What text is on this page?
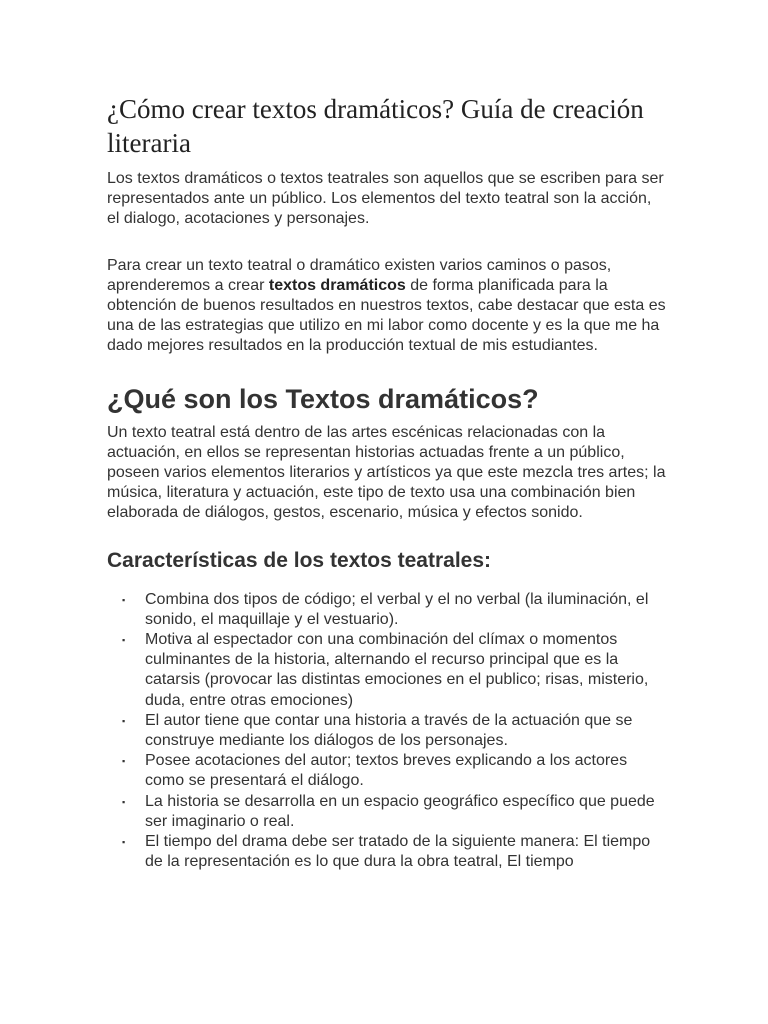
¿Cómo crear textos dramáticos? Guía de creación literaria

Los textos dramáticos o textos teatrales son aquellos que se escriben para ser representados ante un público. Los elementos del texto teatral son la acción, el dialogo, acotaciones y personajes.

Para crear un texto teatral o dramático existen varios caminos o pasos, aprenderemos a crear textos dramáticos de forma planificada para la obtención de buenos resultados en nuestros textos, cabe destacar que esta es una de las estrategias que utilizo en mi labor como docente y es la que me ha dado mejores resultados en la producción textual de mis estudiantes.

¿Qué son los Textos dramáticos?

Un texto teatral está dentro de las artes escénicas relacionadas con la actuación, en ellos se representan historias actuadas frente a un público, poseen varios elementos literarios y artísticos ya que este mezcla tres artes; la música, literatura y actuación, este tipo de texto usa una combinación bien elaborada de diálogos, gestos, escenario, música y efectos sonido.

Características de los textos teatrales:
▪ Combina dos tipos de código; el verbal y el no verbal (la iluminación, el sonido, el maquillaje y el vestuario).
▪ Motiva al espectador con una combinación del clímax o momentos culminantes de la historia, alternando el recurso principal que es la catarsis (provocar las distintas emociones en el publico; risas, misterio, duda, entre otras emociones)
▪ El autor tiene que contar una historia a través de la actuación que se construye mediante los diálogos de los personajes.
▪ Posee acotaciones del autor; textos breves explicando a los actores como se presentará el diálogo.
▪ La historia se desarrolla en un espacio geográfico específico que puede ser imaginario o real.
▪ El tiempo del drama debe ser tratado de la siguiente manera: El tiempo de la representación es lo que dura la obra teatral, El tiempo
